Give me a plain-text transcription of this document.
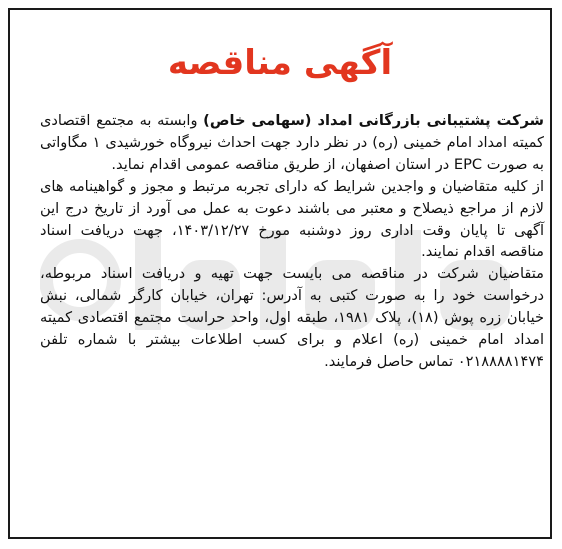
آگهی مناقصه

شرکت پشتیبانی بازرگانی امداد (سهامی خاص) وابسته به مجتمع اقتصادی کمیته امداد امام خمینی (ره) در نظر دارد جهت احداث نیروگاه خورشیدی ۱ مگاواتی به صورت EPC در استان اصفهان، از طریق مناقصه عمومی اقدام نماید.

از کلیه متقاضیان و واجدین شرایط که دارای تجربه مرتبط و مجوز و گواهینامه های لازم از مراجع ذیصلاح و معتبر می باشند دعوت به عمل می آورد از تاریخ درج این آگهی تا پایان وقت اداری روز دوشنبه مورخ ۱۴۰۳/۱۲/۲۷، جهت دریافت اسناد مناقصه اقدام نمایند.

متقاضیان شرکت در مناقصه می بایست جهت تهیه و دریافت اسناد مربوطه، درخواست خود را به صورت کتبی به آدرس: تهران، خیابان کارگر شمالی، نبش خیابان زره پوش (۱۸)، پلاک ۱۹۸۱، طبقه اول، واحد حراست مجتمع اقتصادی کمیته امداد امام خمینی (ره) اعلام و برای کسب اطلاعات بیشتر با شماره تلفن ۰۲۱۸۸۸۸۱۴۷۴ تماس حاصل فرمایند.
